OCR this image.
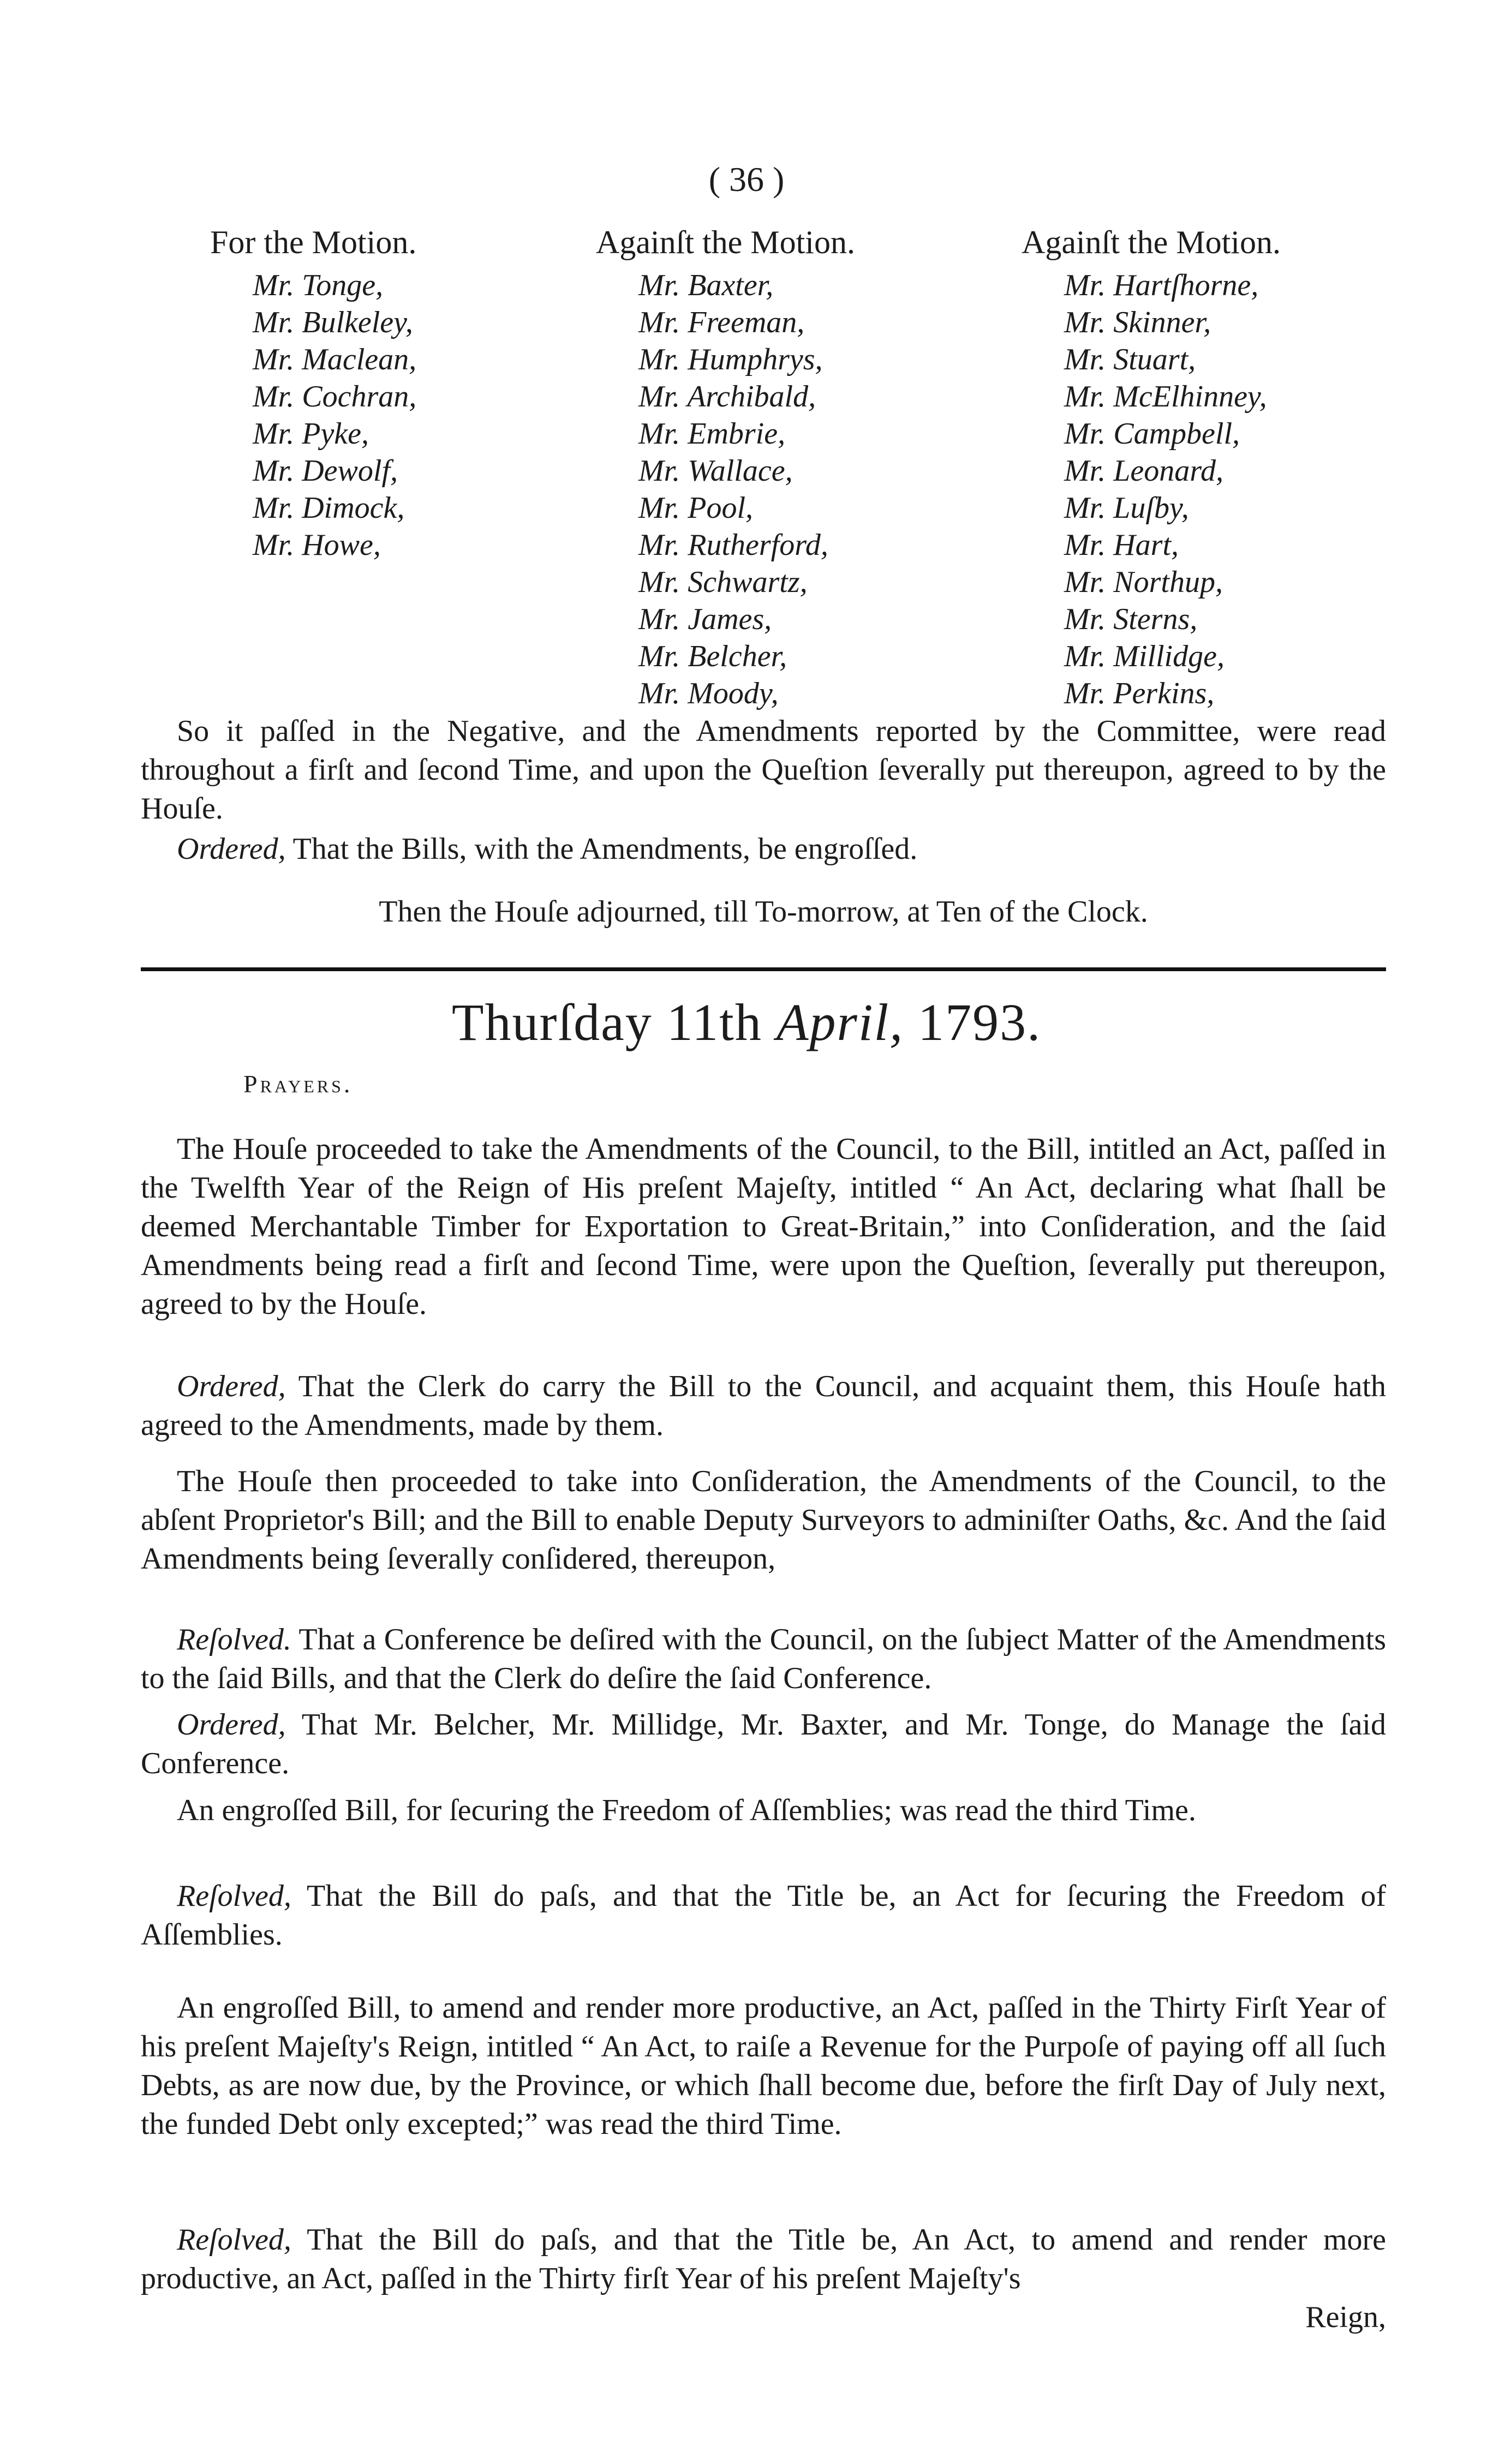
( 36 )
For the Motion.
Mr. Tonge,
Mr. Bulkeley,
Mr. Maclean,
Mr. Cochran,
Mr. Pyke,
Mr. Dewolf,
Mr. Dimock,
Mr. Howe,
Againſt the Motion.
Mr. Baxter,
Mr. Freeman,
Mr. Humphrys,
Mr. Archibald,
Mr. Embrie,
Mr. Wallace,
Mr. Pool,
Mr. Rutherford,
Mr. Schwartz,
Mr. James,
Mr. Belcher,
Mr. Moody,
Againſt the Motion.
Mr. Hartſhorne,
Mr. Skinner,
Mr. Stuart,
Mr. McElhinney,
Mr. Campbell,
Mr. Leonard,
Mr. Luſby,
Mr. Hart,
Mr. Northup,
Mr. Sterns,
Mr. Millidge,
Mr. Perkins,

So it paſſed in the Negative, and the Amendments reported by the Committee, were read throughout a firſt and ſecond Time, and upon the Queſtion ſeverally put thereupon, agreed to by the Houſe.

Ordered, That the Bills, with the Amendments, be engroſſed.

Then the Houſe adjourned, till To-morrow, at Ten of the Clock.

Thurſday 11th April, 1793.
Prayers.

The Houſe proceeded to take the Amendments of the Council, to the Bill, intitled an Act, paſſed in the Twelfth Year of the Reign of His preſent Majeſty, intitled “ An Act, declaring what ſhall be deemed Merchantable Timber for Exportation to Great-Britain,” into Conſideration, and the ſaid Amendments being read a firſt and ſecond Time, were upon the Queſtion, ſeverally put thereupon, agreed to by the Houſe.

Ordered, That the Clerk do carry the Bill to the Council, and acquaint them, this Houſe hath agreed to the Amendments, made by them.

The Houſe then proceeded to take into Conſideration, the Amendments of the Council, to the abſent Proprietor's Bill; and the Bill to enable Deputy Surveyors to adminiſter Oaths, &c. And the ſaid Amendments being ſeverally conſidered, thereupon,

Reſolved. That a Conference be deſired with the Council, on the ſubject Matter of the Amendments to the ſaid Bills, and that the Clerk do deſire the ſaid Conference.

Ordered, That Mr. Belcher, Mr. Millidge, Mr. Baxter, and Mr. Tonge, do Manage the ſaid Conference.

An engroſſed Bill, for ſecuring the Freedom of Aſſemblies; was read the third Time.

Reſolved, That the Bill do paſs, and that the Title be, an Act for ſecuring the Freedom of Aſſemblies.

An engroſſed Bill, to amend and render more productive, an Act, paſſed in the Thirty Firſt Year of his preſent Majeſty's Reign, intitled “ An Act, to raiſe a Revenue for the Purpoſe of paying off all ſuch Debts, as are now due, by the Province, or which ſhall become due, before the firſt Day of July next, the funded Debt only excepted;” was read the third Time.

Reſolved, That the Bill do paſs, and that the Title be, An Act, to amend and render more productive, an Act, paſſed in the Thirty firſt Year of his preſent Majeſty's

Reign,
